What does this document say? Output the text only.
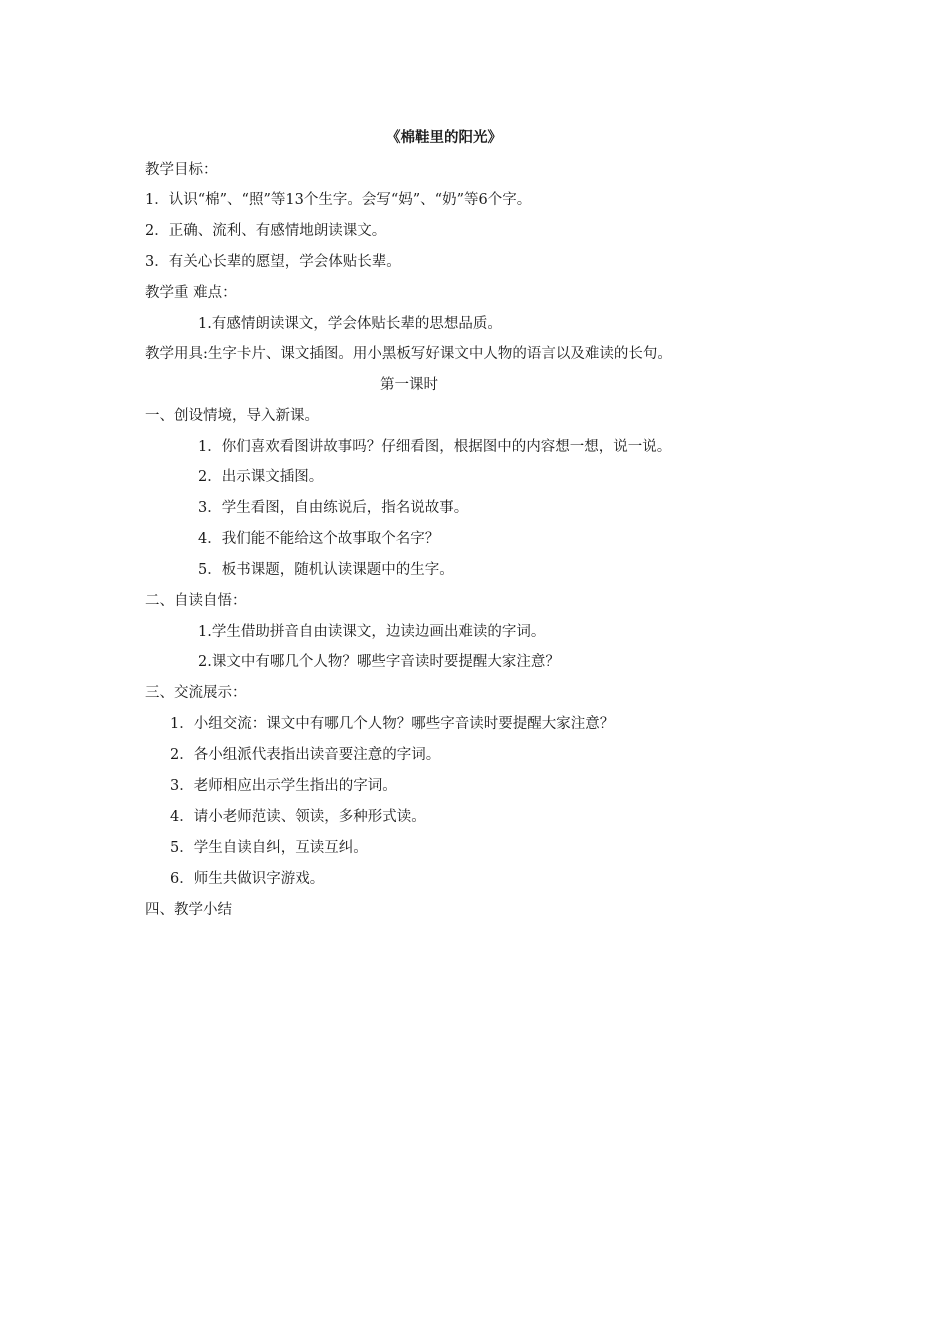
《棉鞋里的阳光》
教学目标：
1．认识“棉”、“照”等13个生字。会写“妈”、“奶”等6个字。
2．正确、流利、有感情地朗读课文。
3．有关心长辈的愿望，学会体贴长辈。
教学重 难点：
1.有感情朗读课文，学会体贴长辈的思想品质。
教学用具:生字卡片、课文插图。用小黑板写好课文中人物的语言以及难读的长句。
第一课时
一、创设情境，导入新课。
1．你们喜欢看图讲故事吗？仔细看图，根据图中的内容想一想，说一说。
2．出示课文插图。
3．学生看图，自由练说后，指名说故事。
4．我们能不能给这个故事取个名字？
5．板书课题，随机认读课题中的生字。
二、自读自悟：
1.学生借助拼音自由读课文，边读边画出难读的字词。
2.课文中有哪几个人物？哪些字音读时要提醒大家注意？
三、交流展示：
1．小组交流：课文中有哪几个人物？哪些字音读时要提醒大家注意？
2．各小组派代表指出读音要注意的字词。
3．老师相应出示学生指出的字词。
4．请小老师范读、领读，多种形式读。
5．学生自读自纠，互读互纠。
6．师生共做识字游戏。
四、教学小结
